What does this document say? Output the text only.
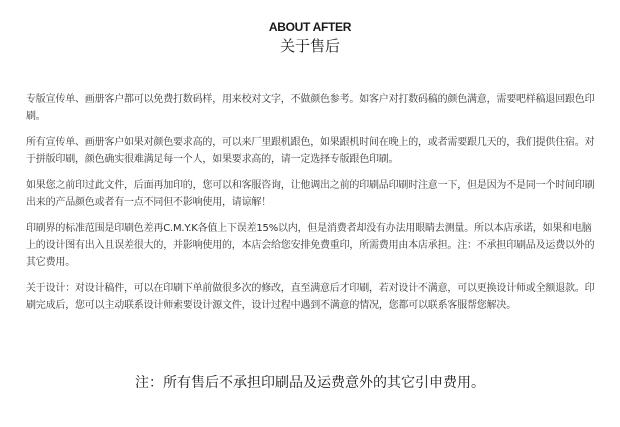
ABOUT AFTER
关于售后

专版宣传单、画册客户都可以免费打数码样，用来校对文字，不做颜色参考。如客户对打数码稿的颜色满意，需要吧样稿退回跟色印刷。

所有宣传单、画册客户如果对颜色要求高的，可以来厂里跟机跟色，如果跟机时间在晚上的，或者需要跟几天的，我们提供住宿。对于拼版印刷，颜色确实很难满足每一个人，如果要求高的，请一定选择专版跟色印刷。

如果您之前印过此文件，后面再加印的，您可以和客服咨询，让他调出之前的印刷品印刷时注意一下，但是因为不是同一个时间印刷出来的产品颜色或者有一点不同但不影响使用，请谅解！

印刷界的标准范围是印刷色差再C.M.Y.K各值上下误差15%以内，但是消费者却没有办法用眼睛去测量。所以本店承诺，如果和电脑上的设计图有出入且误差很大的，并影响使用的，本店会给您安排免费重印，所需费用由本店承担。注：不承担印刷品及运费以外的其它费用。

关于设计：对设计稿件，可以在印刷下单前做很多次的修改，直至满意后才印刷，若对设计不满意，可以更换设计师或全额退款。印刷完成后，您可以主动联系设计师索要设计源文件，设计过程中遇到不满意的情况，您都可以联系客服帮您解决。

注：所有售后不承担印刷品及运费意外的其它引申费用。
